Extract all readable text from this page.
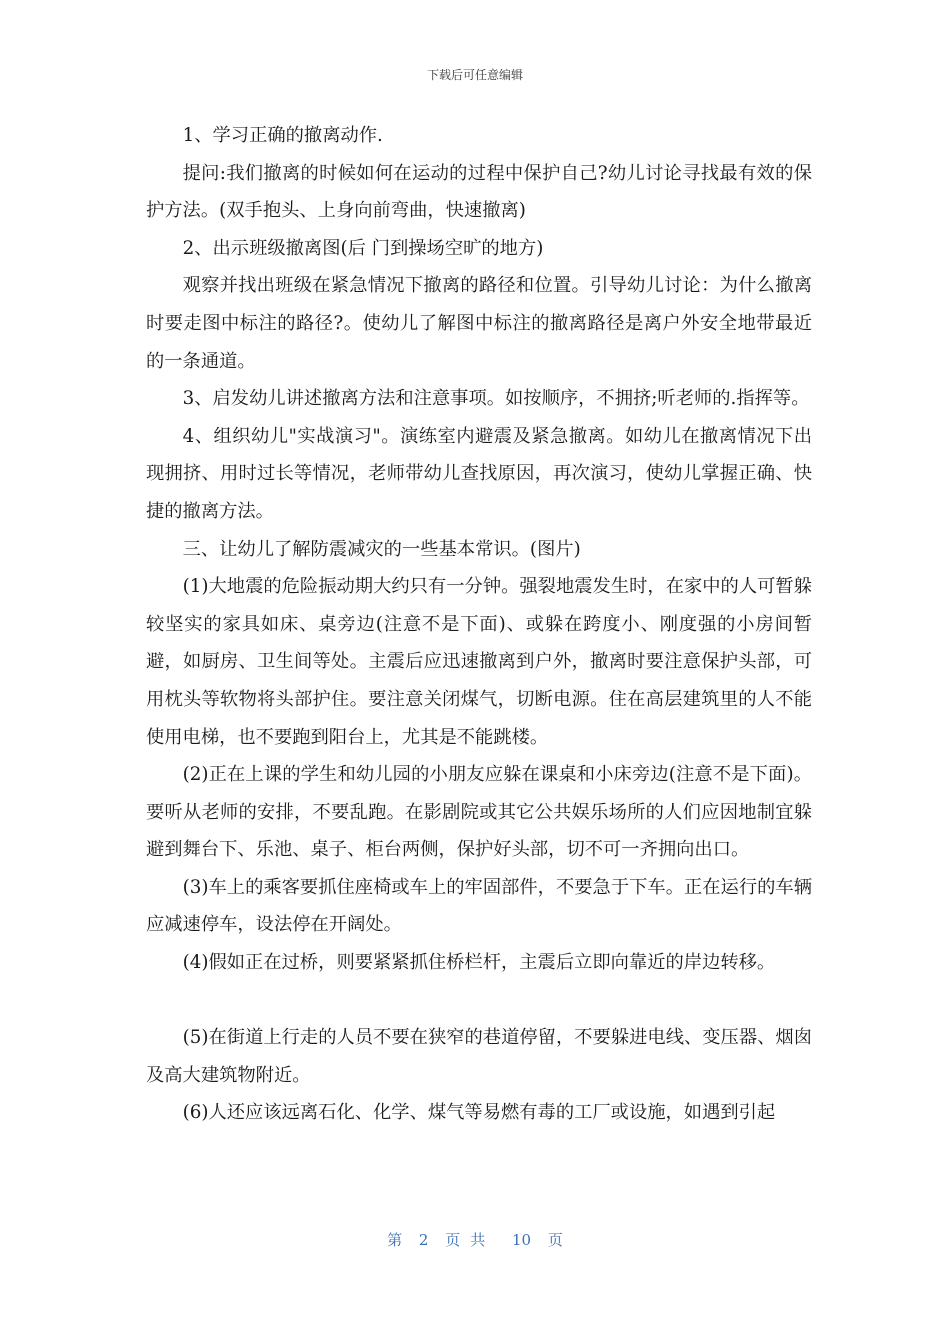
下载后可任意编辑

1、学习正确的撤离动作.

提问:我们撤离的时候如何在运动的过程中保护自己?幼儿讨论寻找最有效的保护方法。(双手抱头、上身向前弯曲，快速撤离)

2、出示班级撤离图(后 门到操场空旷的地方)

观察并找出班级在紧急情况下撤离的路径和位置。引导幼儿讨论：为什么撤离时要走图中标注的路径?。使幼儿了解图中标注的撤离路径是离户外安全地带最近的一条通道。

3、启发幼儿讲述撤离方法和注意事项。如按顺序，不拥挤;听老师的.指挥等。

4、组织幼儿"实战演习"。演练室内避震及紧急撤离。如幼儿在撤离情况下出现拥挤、用时过长等情况，老师带幼儿查找原因，再次演习，使幼儿掌握正确、快捷的撤离方法。

三、让幼儿了解防震减灾的一些基本常识。(图片)

(1)大地震的危险振动期大约只有一分钟。强裂地震发生时，在家中的人可暂躲较坚实的家具如床、桌旁边(注意不是下面)、或躲在跨度小、刚度强的小房间暂避，如厨房、卫生间等处。主震后应迅速撤离到户外，撤离时要注意保护头部，可用枕头等软物将头部护住。要注意关闭煤气，切断电源。住在高层建筑里的人不能使用电梯，也不要跑到阳台上，尤其是不能跳楼。

(2)正在上课的学生和幼儿园的小朋友应躲在课桌和小床旁边(注意不是下面)。要听从老师的安排，不要乱跑。在影剧院或其它公共娱乐场所的人们应因地制宜躲避到舞台下、乐池、桌子、柜台两侧，保护好头部，切不可一齐拥向出口。

(3)车上的乘客要抓住座椅或车上的牢固部件，不要急于下车。正在运行的车辆应减速停车，设法停在开阔处。

(4)假如正在过桥，则要紧紧抓住桥栏杆，主震后立即向靠近的岸边转移。

(5)在街道上行走的人员不要在狭窄的巷道停留，不要躲进电线、变压器、烟囱及高大建筑物附近。

(6)人还应该远离石化、化学、煤气等易燃有毒的工厂或设施，如遇到引起

第 2 页共 10 页
